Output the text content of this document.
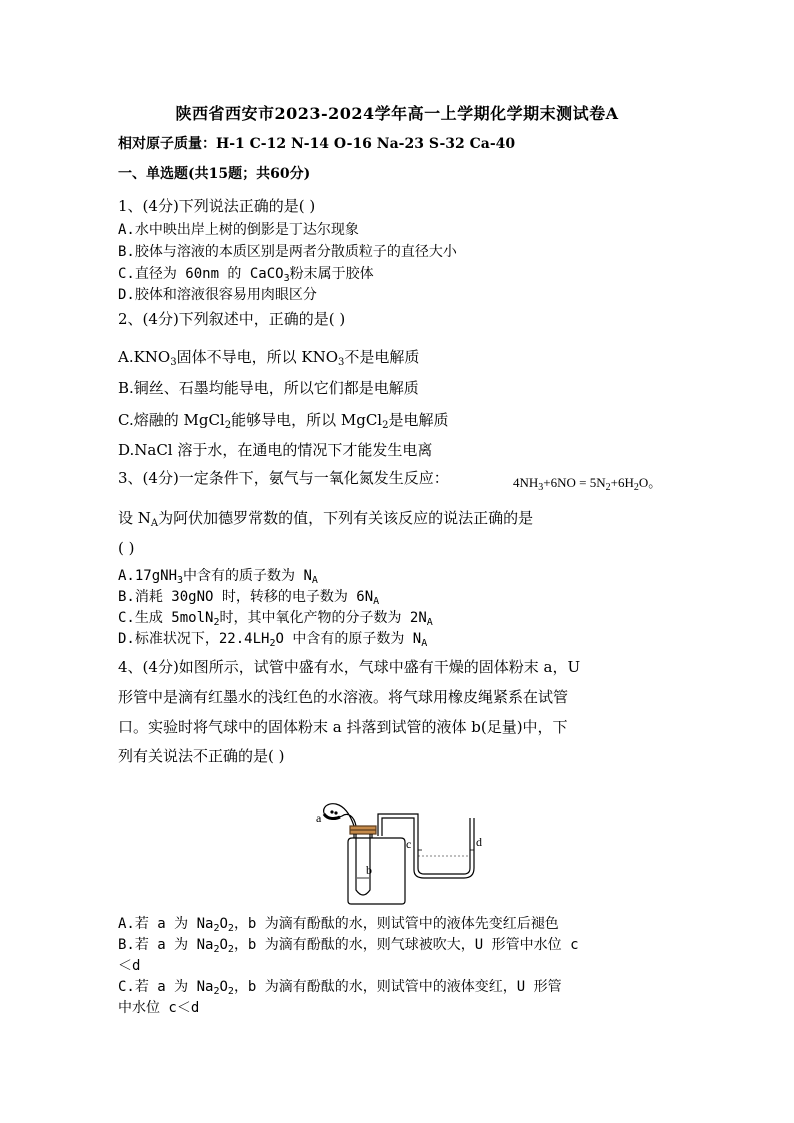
陕西省西安市2023-2024学年高一上学期化学期末测试卷A
相对原子质量：H-1 C-12 N-14 O-16 Na-23 S-32 Ca-40
一、单选题(共15题；共60分)
1、(4分)下列说法正确的是( )
A.水中映出岸上树的倒影是丁达尔现象
B.胶体与溶液的本质区别是两者分散质粒子的直径大小
C.直径为 60nm 的 CaCO$_3$粉末属于胶体
D.胶体和溶液很容易用肉眼区分
2、(4分)下列叙述中，正确的是( )
$A.KNO_3$固体不导电，所以 $KNO_3$不是电解质
B.铜丝、石墨均能导电，所以它们都是电解质
C.熔融的 MgCl$_2$能够导电，所以 MgCl$_2$是电解质
D.NaCl 溶于水，在通电的情况下才能发生电离
3、(4分)一定条件下，氨气与一氧化氮发生反应：	$4NH_3+6NO = 5N_2+6H_2O$。
设 $N_A$为阿伏加德罗常数的值，下列有关该反应的说法正确的是
( )
A.17gNH$_3$中含有的质子数为 $N_A$
B.消耗 30gNO 时，转移的电子数为 $6N_A$
C.生成 5molN$_2$时，其中氧化产物的分子数为 $2N_A$
D.标准状况下，$22.4LH_2O$ 中含有的原子数为 $N_A$
4、(4分)如图所示，试管中盛有水，气球中盛有干燥的固体粉末 a，U
形管中是滴有红墨水的浅红色的水溶液。将气球用橡皮绳紧系在试管
口。实验时将气球中的固体粉末 a 抖落到试管的液体 b(足量)中，下
列有关说法不正确的是( )
a
b
c	d
A.若 a 为 $Na_2O_2$，b 为滴有酚酞的水，则试管中的液体先变红后褪色
B.若 a 为 $Na_2O_2$，b 为滴有酚酞的水，则气球被吹大，U 形管中水位 c
＜d
C.若 a 为 $Na_2O_2$，b 为滴有酚酞的水，则试管中的液体变红，U 形管
中水位 c＜d
